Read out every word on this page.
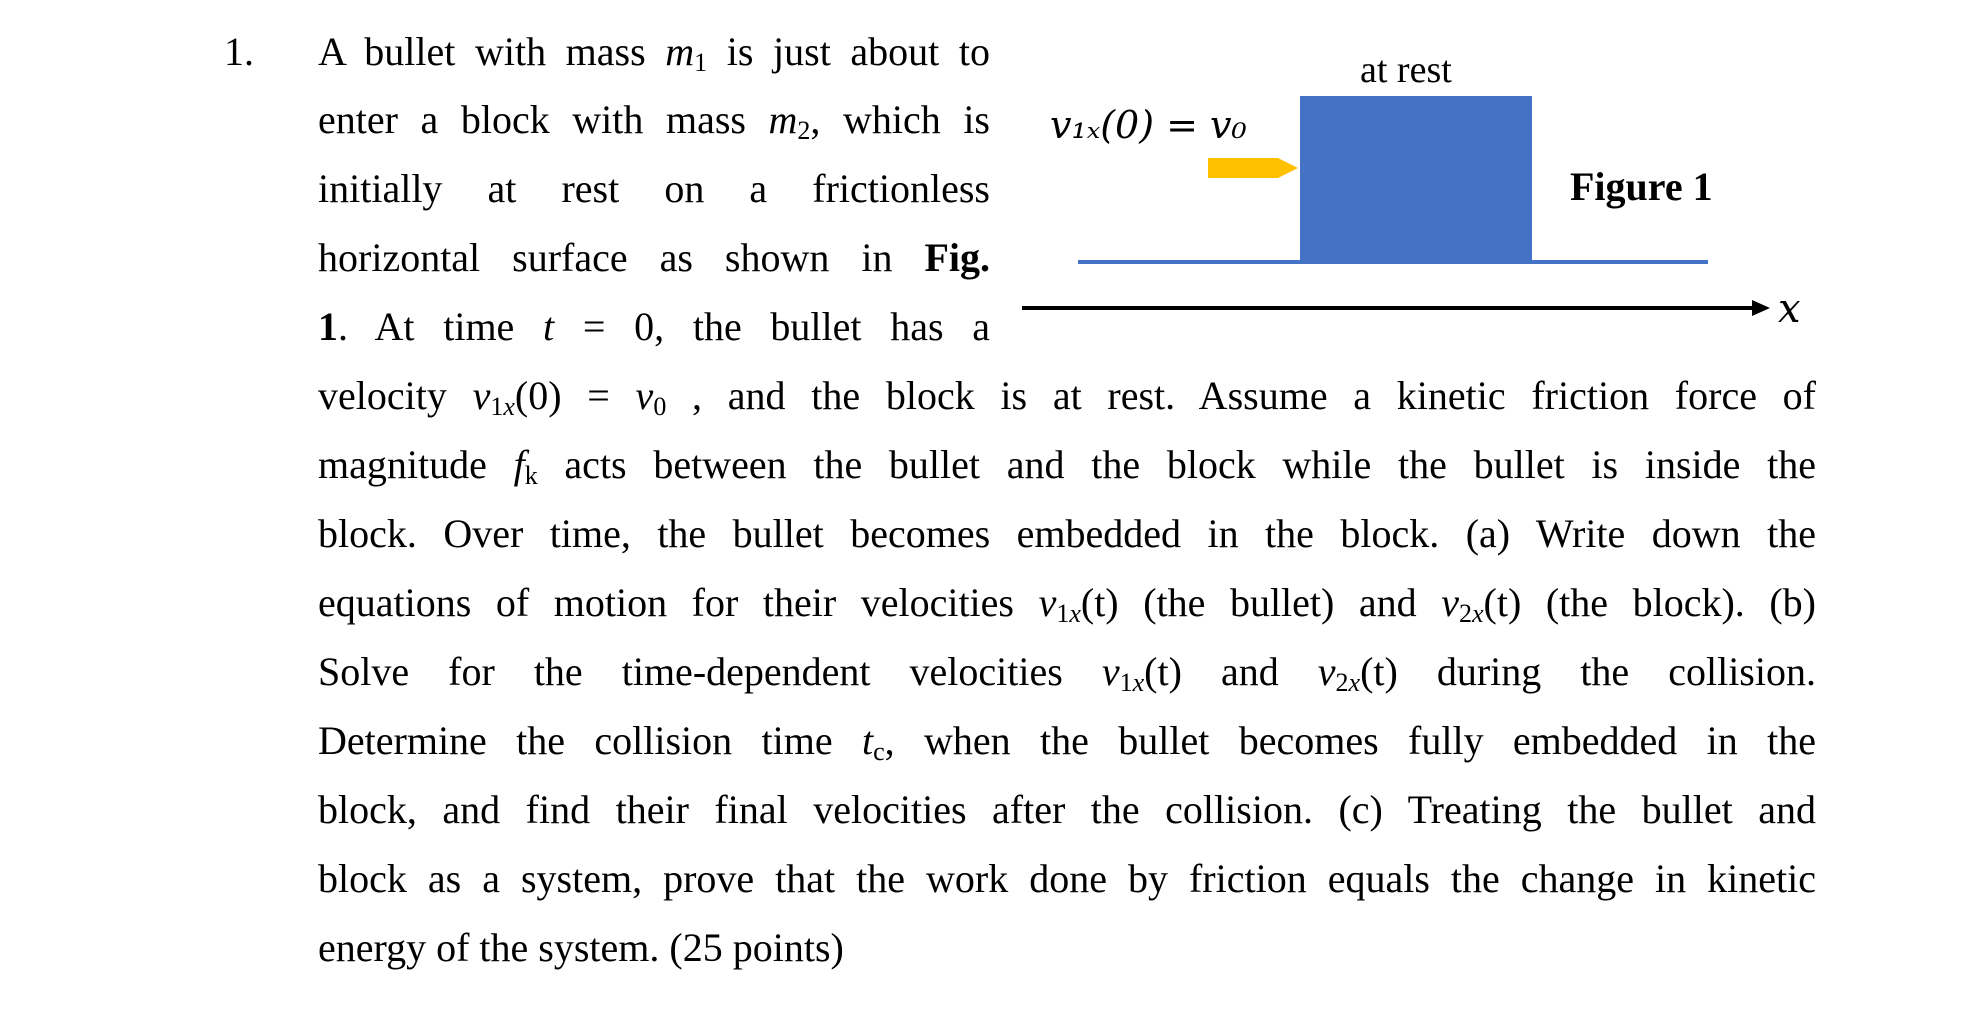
1. A bullet with mass $m_1$ is just about to
enter a block with mass $m_2$, which is
initially at rest on a frictionless
horizontal surface as shown in Fig.
1. At time t = 0, the bullet has a
velocity $v_{1x}(0) = v_0$ , and the block is at rest. Assume a kinetic friction force of
magnitude $f_k$ acts between the bullet and the block while the bullet is inside the
block. Over time, the bullet becomes embedded in the block. (a) Write down the
equations of motion for their velocities $v_{1x}(t)$ (the bullet) and $v_{2x}(t)$ (the block). (b)
Solve for the time-dependent velocities $v_{1x}(t)$ and $v_{2x}(t)$ during the collision.
Determine the collision time $t_c$, when the bullet becomes fully embedded in the
block, and find their final velocities after the collision. (c) Treating the bullet and
block as a system, prove that the work done by friction equals the change in kinetic
energy of the system. (25 points)
at rest
v₁ₓ(0) = v₀
Figure 1
x
